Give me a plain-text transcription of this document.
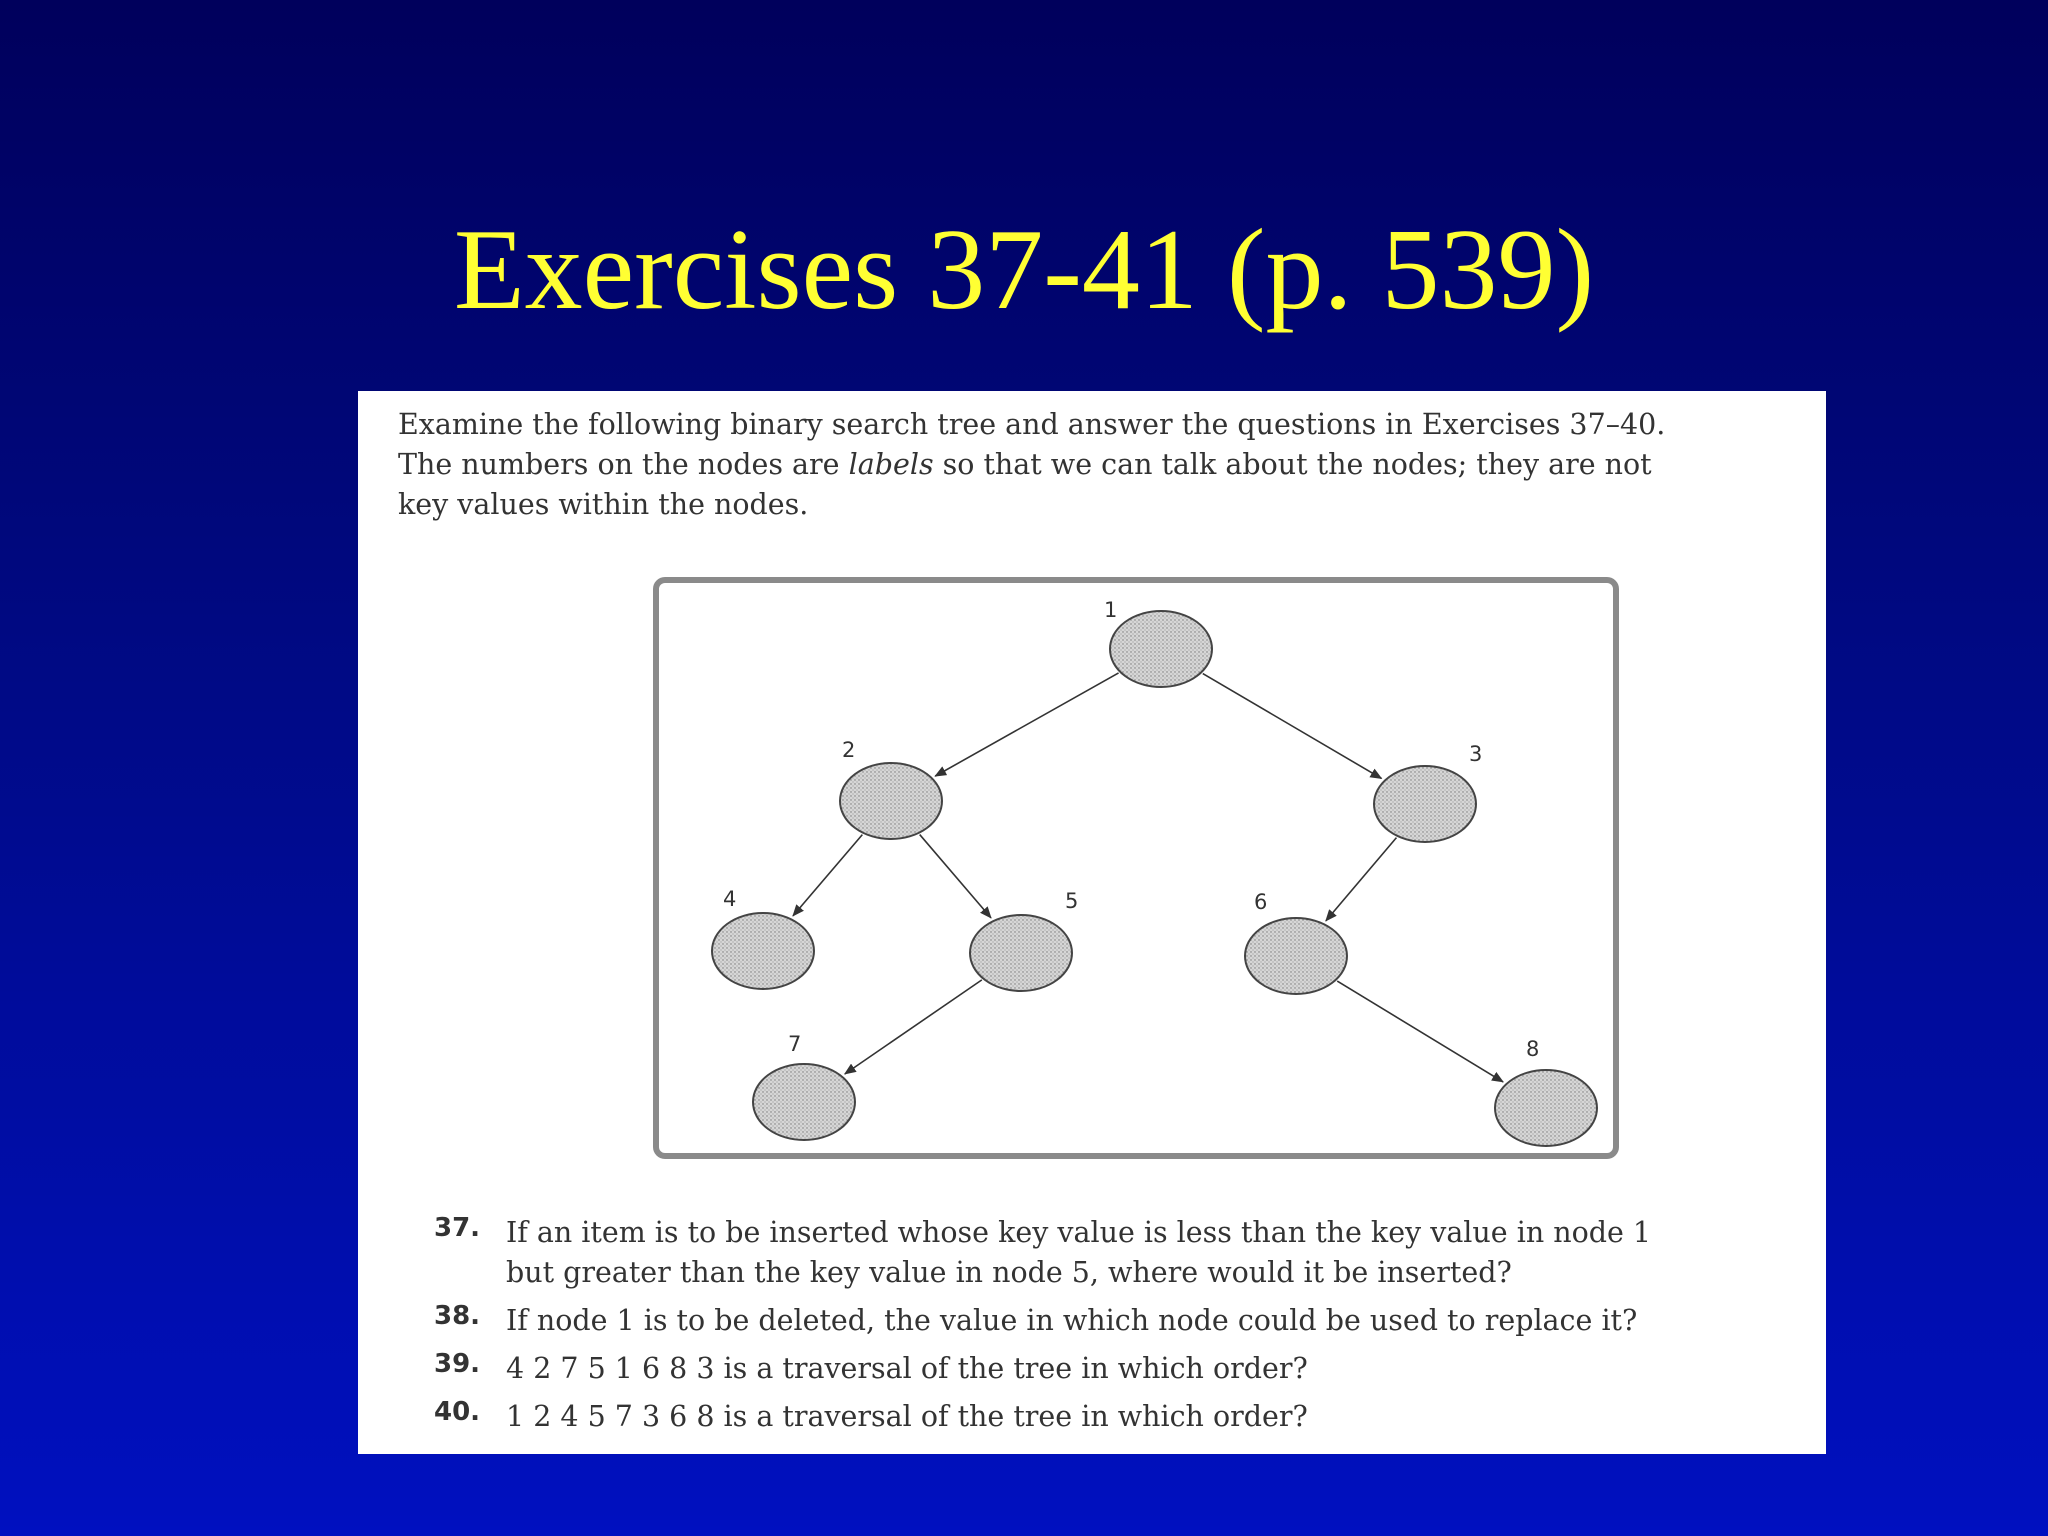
Exercises 37-41 (p. 539)

Examine the following binary search tree and answer the questions in Exercises 37–40.

The numbers on the nodes are labels so that we can talk about the nodes; they are not

key values within the nodes.

1
2	3
4	5	6
7	8
37. If an item is to be inserted whose key value is less than the key value in node 1
but greater than the key value in node 5, where would it be inserted?
38. If node 1 is to be deleted, the value in which node could be used to replace it?
39. 4 2 7 5 1 6 8 3 is a traversal of the tree in which order?
40. 1 2 4 5 7 3 6 8 is a traversal of the tree in which order?
